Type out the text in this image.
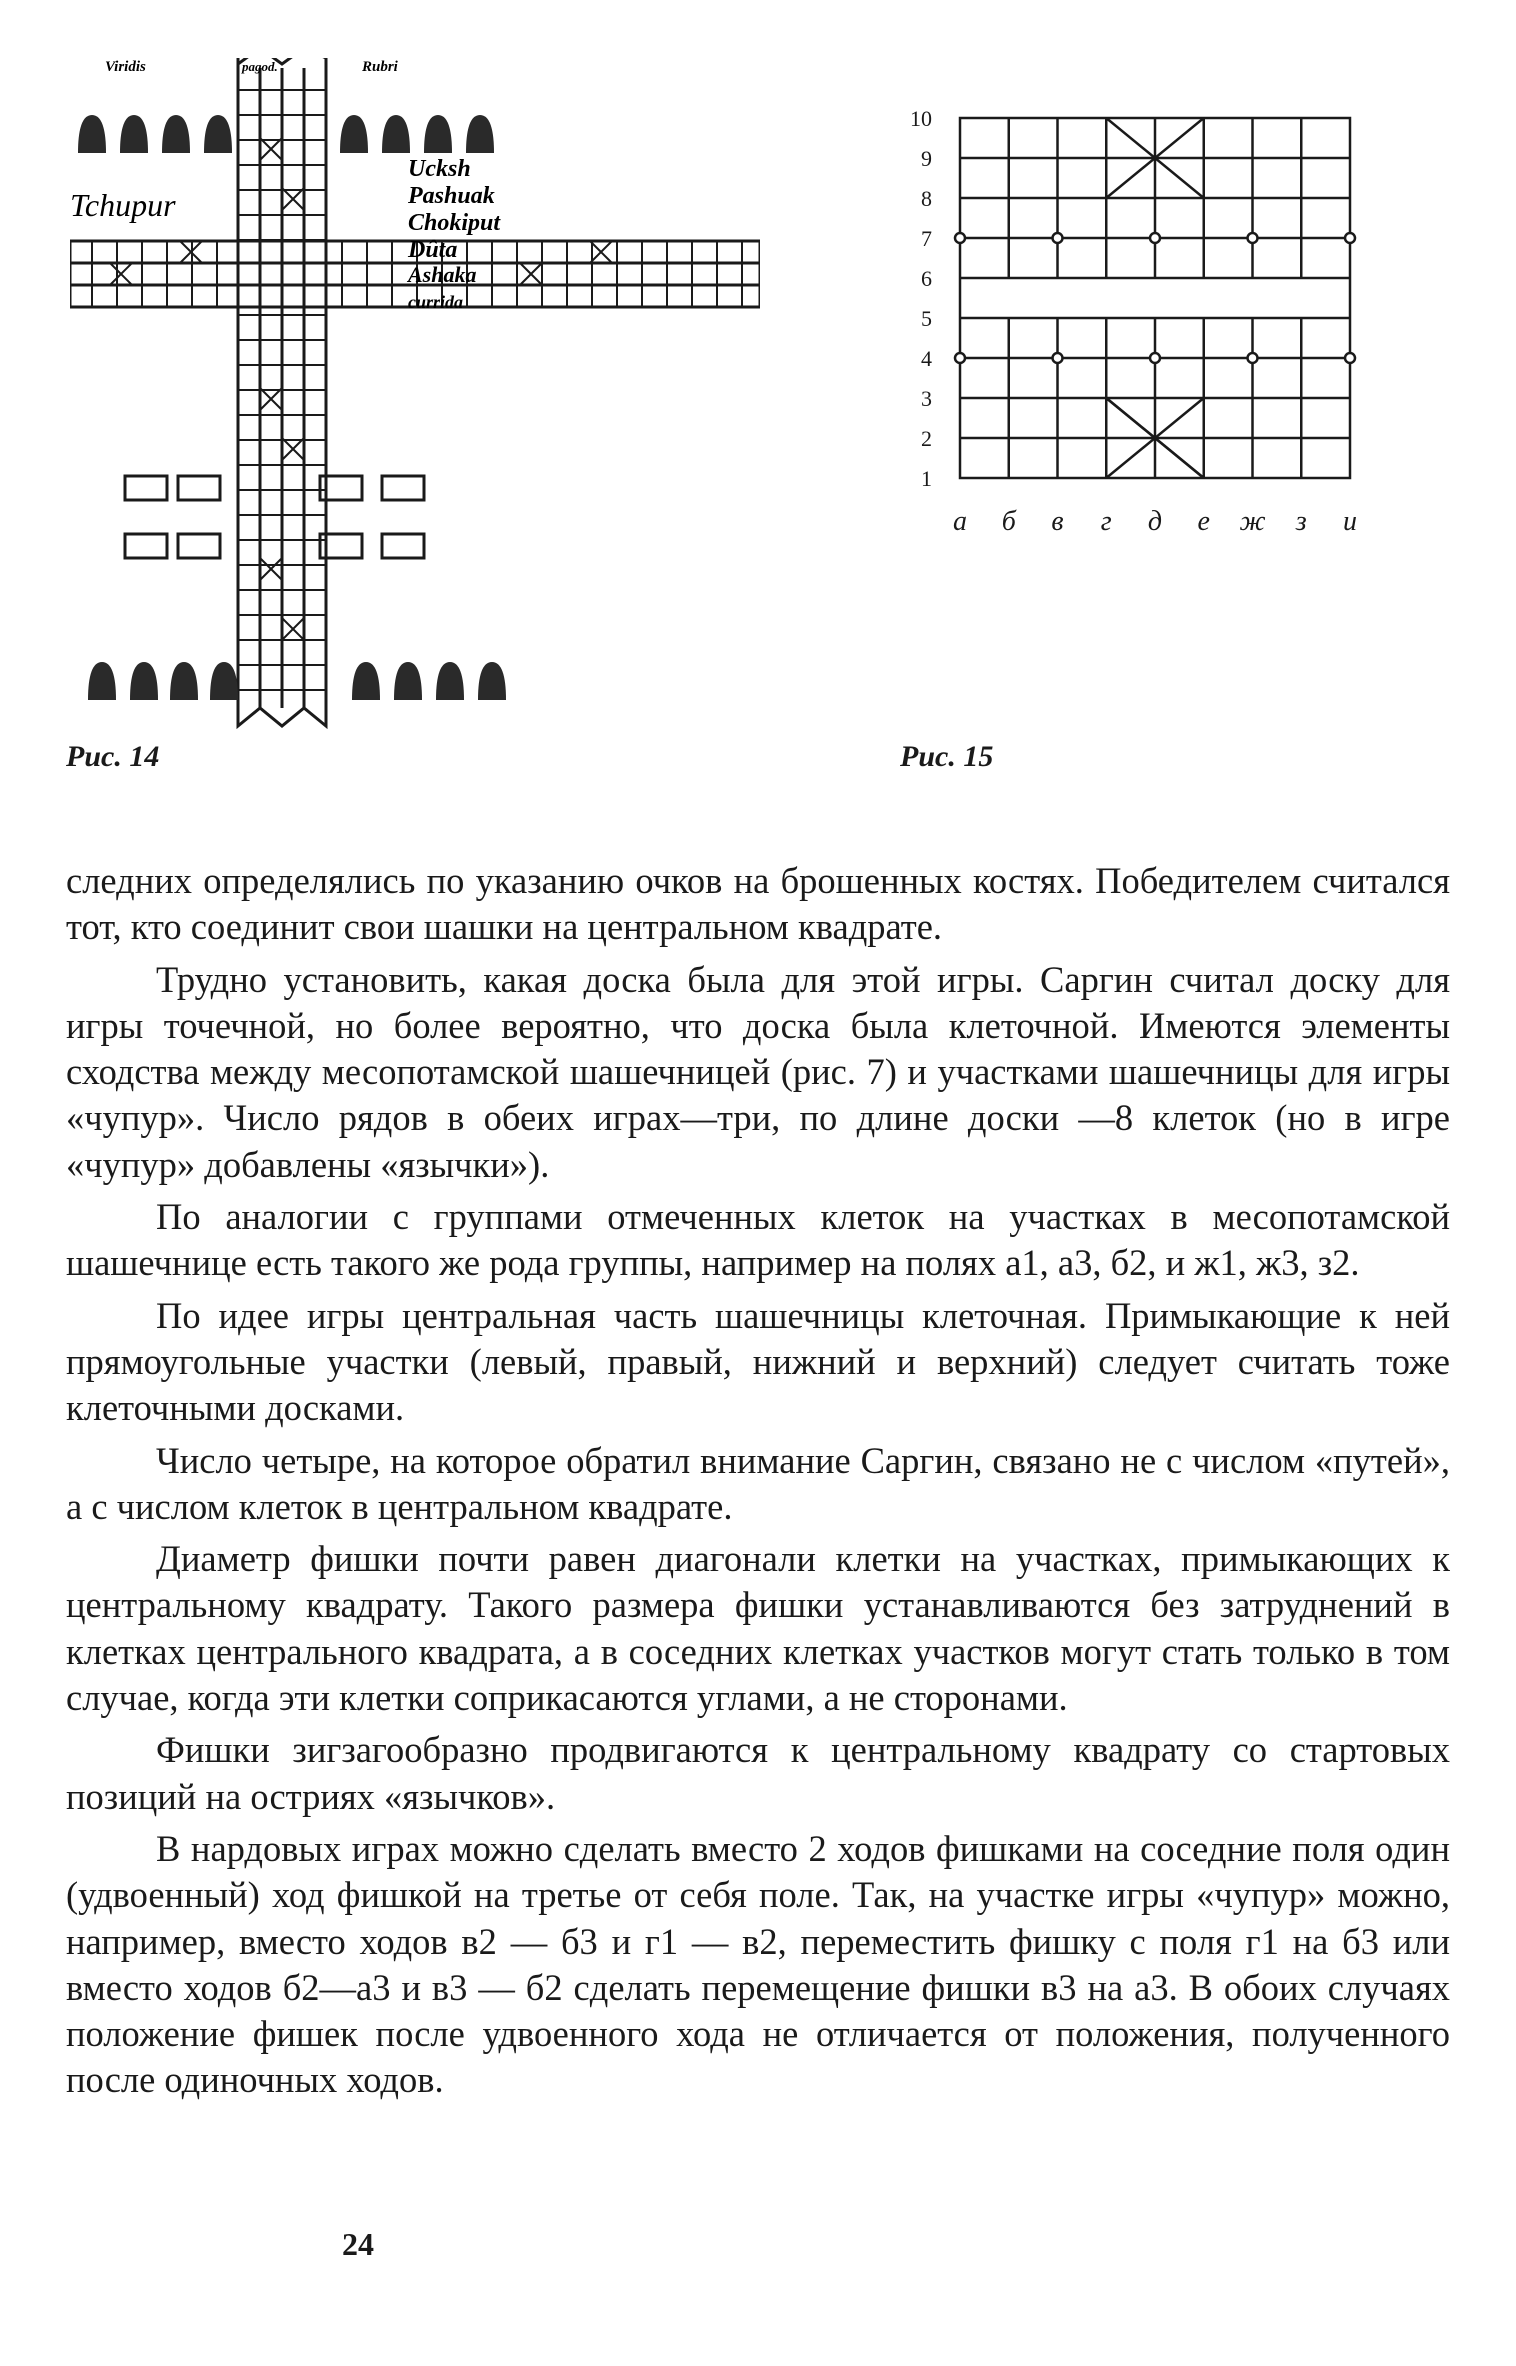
Viridis	pagod.	Rubri
Tchupur
Ucksh
Pashuak
Chokiput
Dûta
Ashaka
currida
10
9
8
7
6
5
4
3
2
1
а б в г д е ж з и
Рис. 14	Рис. 15

следних определялись по указанию очков на брошенных костях. Победителем считался тот, кто соединит свои шашки на центральном квадрате.

Трудно установить, какая доска была для этой игры. Саргин считал доску для игры точечной, но более вероятно, что доска была клеточной. Имеются элементы сходства между месопотамской шашечницей (рис. 7) и участками шашечницы для игры «чупур». Число рядов в обеих играх—три, по длине доски —8 клеток (но в игре «чупур» добавлены «язычки»).

По аналогии с группами отмеченных клеток на участках в месопотамской шашечнице есть такого же рода группы, например на полях а1, а3, б2, и ж1, ж3, з2.

По идее игры центральная часть шашечницы клеточная. Примыкающие к ней прямоугольные участки (левый, правый, нижний и верхний) следует считать тоже клеточными досками.

Число четыре, на которое обратил внимание Саргин, связано не с числом «путей», а с числом клеток в центральном квадрате.

Диаметр фишки почти равен диагонали клетки на участках, примыкающих к центральному квадрату. Такого размера фишки устанавливаются без затруднений в клетках центрального квадрата, а в соседних клетках участков могут стать только в том случае, когда эти клетки соприкасаются углами, а не сторонами.

Фишки зигзагообразно продвигаются к центральному квадрату со стартовых позиций на остриях «язычков».

В нардовых играх можно сделать вместо 2 ходов фишками на соседние поля один (удвоенный) ход фишкой на третье от себя поле. Так, на участке игры «чупур» можно, например, вместо ходов в2 — б3 и г1 — в2, переместить фишку с поля г1 на б3 или вместо ходов б2—а3 и в3 — б2 сделать перемещение фишки в3 на а3. В обоих случаях положение фишек после удвоенного хода не отличается от положения, полученного после одиночных ходов.

24
